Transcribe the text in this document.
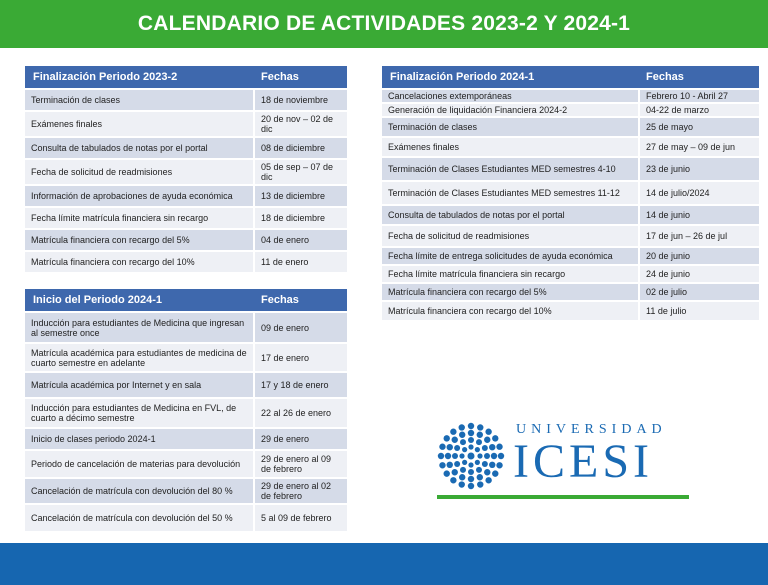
CALENDARIO DE ACTIVIDADES 2023-2 Y 2024-1
Finalización Periodo 2023-2	Fechas
Terminación de clases	18 de noviembre
Exámenes finales	20 de nov – 02 de dic
Consulta de tabulados de notas por el portal	08 de diciembre
Fecha de solicitud de readmisiones	05 de sep – 07 de dic
Información de aprobaciones de ayuda económica	13 de diciembre
Fecha límite matrícula financiera sin recargo	18 de diciembre
Matrícula financiera con recargo del 5%	04 de enero
Matrícula financiera con recargo del 10%	11 de enero
Inicio del Periodo 2024-1	Fechas
Inducción para estudiantes de Medicina que ingresan al semestre once	09 de enero
Matrícula académica para estudiantes de medicina de cuarto semestre en adelante	17 de enero
Matrícula académica por Internet y en sala	17 y 18 de enero
Inducción para estudiantes de Medicina en FVL, de cuarto a décimo semestre	22 al 26 de enero
Inicio de clases periodo 2024-1	29 de enero
Periodo de cancelación de materias para devolución	29 de enero al 09 de febrero
Cancelación de matrícula con devolución del 80 %	29 de enero al 02 de febrero
Cancelación de matrícula con devolución del 50 %	5 al 09 de febrero
Finalización Periodo 2024-1	Fechas
Cancelaciones extemporáneas	Febrero 10 - Abril 27
Generación de liquidación Financiera 2024-2	04-22 de marzo
Terminación de clases	25 de mayo
Exámenes finales	27 de may – 09 de jun
Terminación de Clases Estudiantes MED semestres 4-10	23 de junio
Terminación de Clases Estudiantes MED semestres 11-12	14 de julio/2024
Consulta de tabulados de notas por el portal	14 de junio
Fecha de solicitud de readmisiones	17 de jun – 26 de jul
Fecha límite de entrega solicitudes de ayuda económica	20 de junio
Fecha límite matrícula financiera sin recargo	24 de junio
Matrícula financiera con recargo del 5%	02 de julio
Matrícula financiera con recargo del 10%	11 de julio
UNIVERSIDAD
ICESI
